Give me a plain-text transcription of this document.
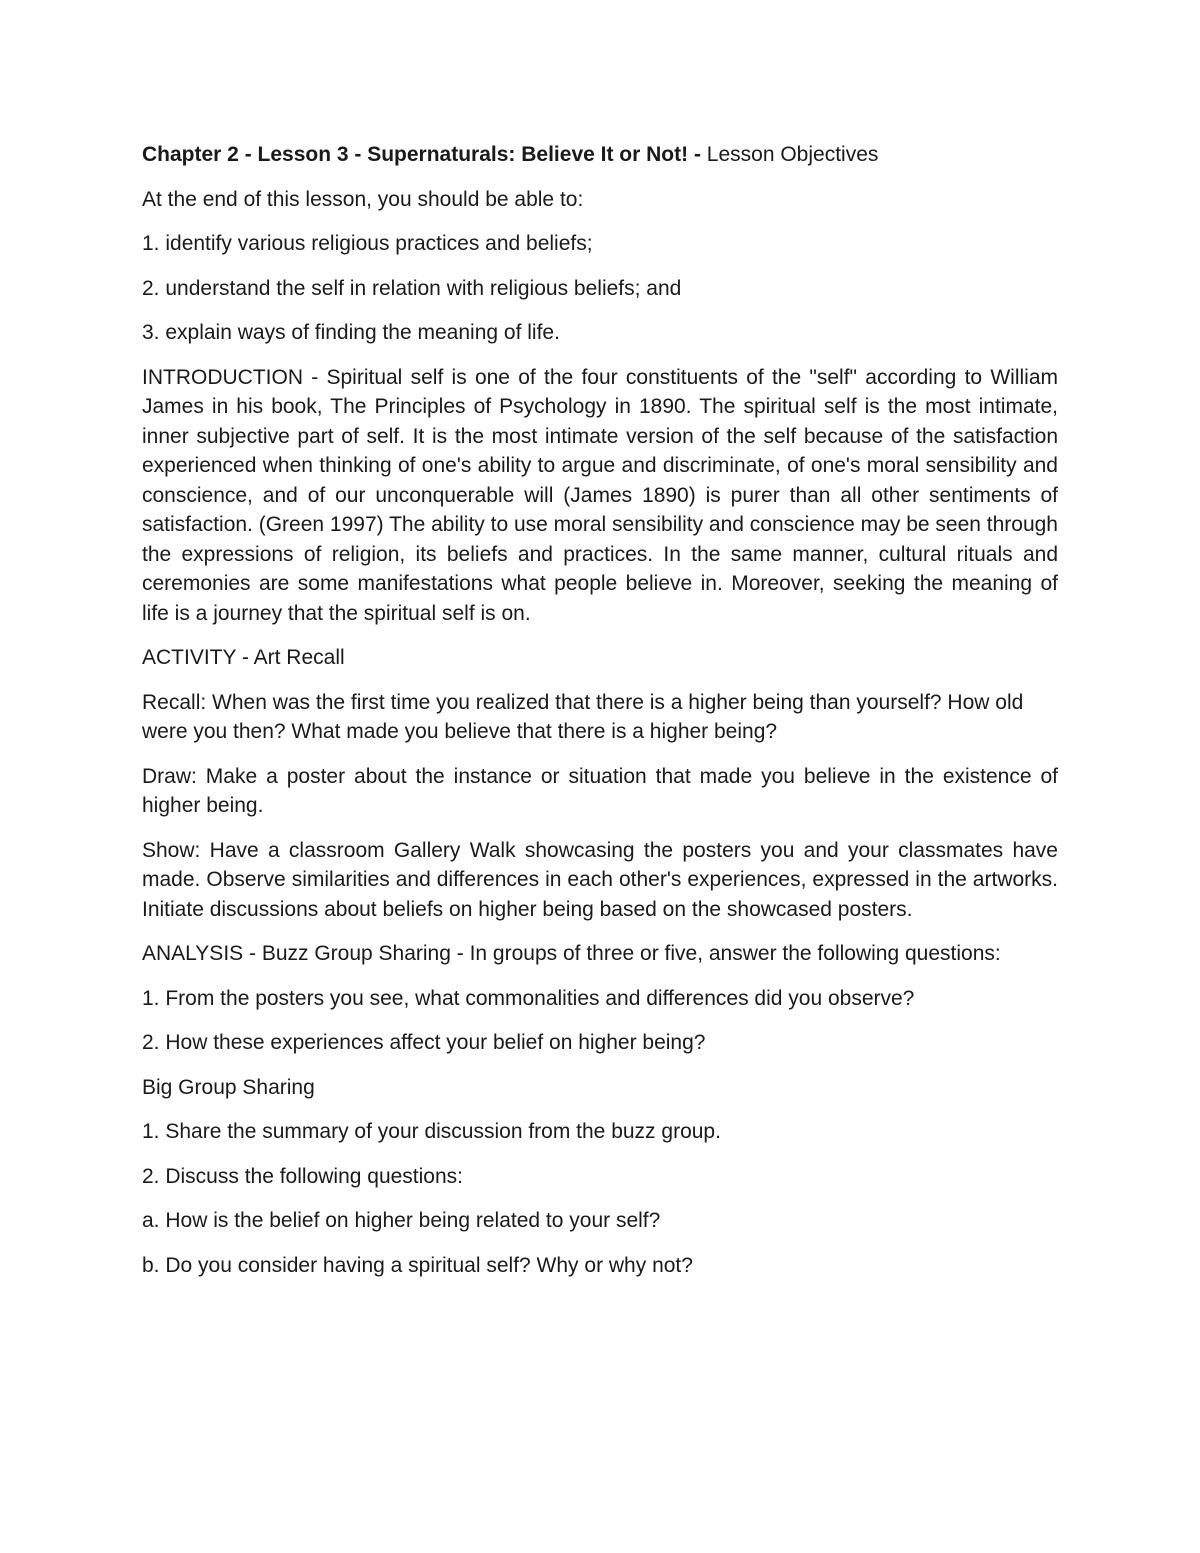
Chapter 2 - Lesson 3 - Supernaturals: Believe It or Not! - Lesson Objectives

At the end of this lesson, you should be able to:

1. identify various religious practices and beliefs;

2. understand the self in relation with religious beliefs; and

3. explain ways of finding the meaning of life.

INTRODUCTION - Spiritual self is one of the four constituents of the "self" according to William James in his book, The Principles of Psychology in 1890. The spiritual self is the most intimate, inner subjective part of self. It is the most intimate version of the self because of the satisfaction experienced when thinking of one's ability to argue and discriminate, of one's moral sensibility and conscience, and of our unconquerable will (James 1890) is purer than all other sentiments of satisfaction. (Green 1997) The ability to use moral sensibility and conscience may be seen through the expressions of religion, its beliefs and practices. In the same manner, cultural rituals and ceremonies are some manifestations what people believe in. Moreover, seeking the meaning of life is a journey that the spiritual self is on.

ACTIVITY - Art Recall

Recall: When was the first time you realized that there is a higher being than yourself? How old were you then? What made you believe that there is a higher being?

Draw: Make a poster about the instance or situation that made you believe in the existence of higher being.

Show: Have a classroom Gallery Walk showcasing the posters you and your classmates have made. Observe similarities and differences in each other's experiences, expressed in the artworks. Initiate discussions about beliefs on higher being based on the showcased posters.

ANALYSIS - Buzz Group Sharing - In groups of three or five, answer the following questions:

1. From the posters you see, what commonalities and differences did you observe?

2. How these experiences affect your belief on higher being?

Big Group Sharing

1. Share the summary of your discussion from the buzz group.

2. Discuss the following questions:

a. How is the belief on higher being related to your self?

b. Do you consider having a spiritual self? Why or why not?
